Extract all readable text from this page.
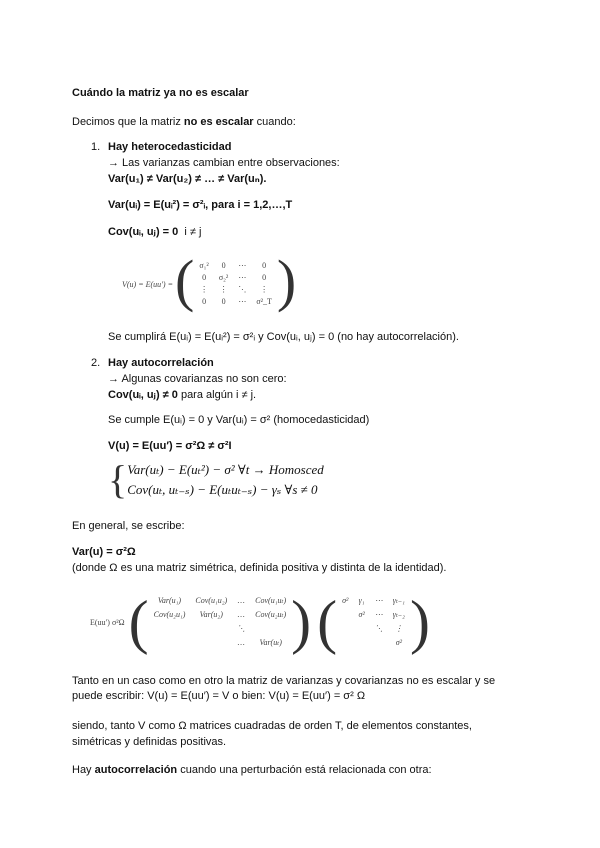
Cuándo la matriz ya no es escalar
Decimos que la matriz no es escalar cuando:
1. Hay heterocedasticidad
→ Las varianzas cambian entre observaciones:
Var(u₁) ≠ Var(u₂) ≠ … ≠ Var(uₙ).
Var(uᵢ) = E(uᵢ²) = σ²ᵢ, para i = 1,2,…,T
Cov(uᵢ, uⱼ) = 0 i ≠ j
V(u) = E(uu′) = ( σ₁²	0	⋯	0
0	σ₂²	⋯	0
⋮	⋮	⋱	⋮
0	0	⋯	σ²_T )
Se cumplirá E(uᵢ) = E(uᵢ²) = σ²ᵢ y Cov(uᵢ, uⱼ) = 0 (no hay autocorrelación).
2. Hay autocorrelación
→ Algunas covarianzas no son cero:
Cov(uᵢ, uⱼ) ≠ 0 para algún i ≠ j.
Se cumple E(uᵢ) = 0 y Var(uᵢ) = σ² (homocedasticidad)
V(u) = E(uu′) = σ²Ω ≠ σ²I
{ Var(uₜ) − E(uₜ²) − σ² ∀t → Homosced
Cov(uₜ, uₜ₋ₛ) − E(uₜuₜ₋ₛ) − γₛ ∀s ≠ 0
En general, se escribe:
Var(u) = σ²Ω
(donde Ω es una matriz simétrica, definida positiva y distinta de la identidad).
E(uu′) σ²Ω ( Var(u₁)	Cov(u₁u₂)	…	Cov(u₁uₜ)
Cov(u₂u₁)	Var(u₂)	…	Cov(u₂uₜ)
		⋱	
		…	Var(uₜ) ) ( σ²	γ₁	⋯	γₜ₋₁
	σ²	⋯	γₜ₋₂
		⋱	⋮
			σ² )
Tanto en un caso como en otro la matriz de varianzas y covarianzas no es escalar y se
puede escribir: V(u) = E(uu′) = V o bien: V(u) = E(uu′) = σ² Ω
siendo, tanto V como Ω matrices cuadradas de orden T, de elementos constantes,
simétricas y definidas positivas.
Hay autocorrelación cuando una perturbación está relacionada con otra:
